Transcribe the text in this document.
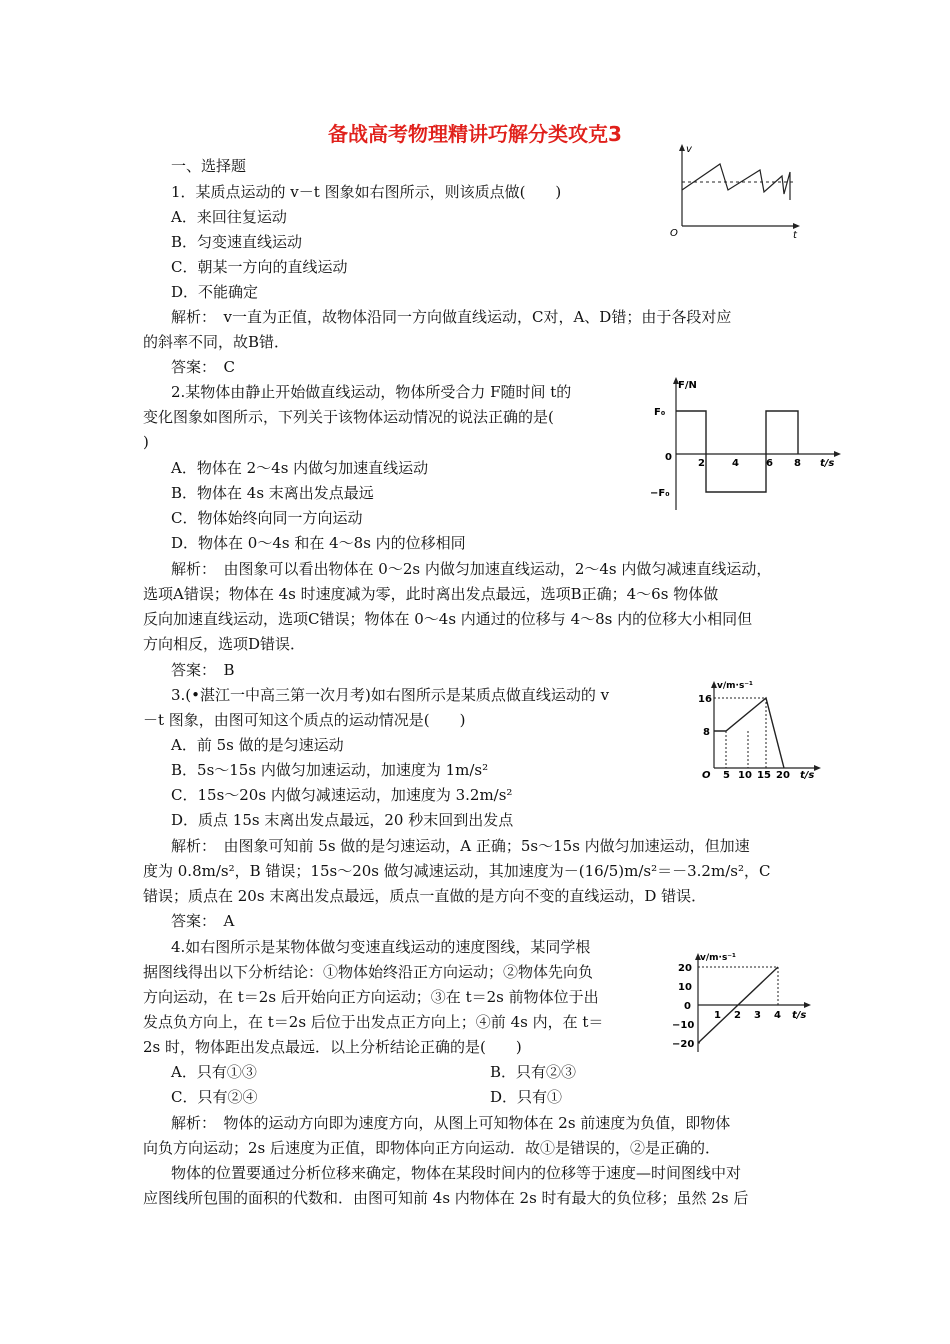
备战高考物理精讲巧解分类攻克3
一、选择题
1．某质点运动的 v－t 图象如右图所示，则该质点做(　　)
A．来回往复运动
B．匀变速直线运动
C．朝某一方向的直线运动
D．不能确定
解析：　v一直为正值，故物体沿同一方向做直线运动，C对，A、D错；由于各段对应
的斜率不同，故B错．
答案：　C
2.某物体由静止开始做直线运动，物体所受合力 F随时间 t的
变化图象如图所示，下列关于该物体运动情况的说法正确的是(
)
A．物体在 2～4s 内做匀加速直线运动
B．物体在 4s 末离出发点最远
C．物体始终向同一方向运动
D．物体在 0～4s 和在 4～8s 内的位移相同
解析：　由图象可以看出物体在 0～2s 内做匀加速直线运动，2～4s 内做匀减速直线运动，
选项A错误；物体在 4s 时速度减为零，此时离出发点最远，选项B正确；4～6s 物体做
反向加速直线运动，选项C错误；物体在 0～4s 内通过的位移与 4～8s 内的位移大小相同但
方向相反，选项D错误．
答案：　B
3.(•湛江一中高三第一次月考)如右图所示是某质点做直线运动的 v
－t 图象，由图可知这个质点的运动情况是(　　)
A．前 5s 做的是匀速运动
B．5s～15s 内做匀加速运动，加速度为 1m/s²
C．15s～20s 内做匀减速运动，加速度为 3.2m/s²
D．质点 15s 末离出发点最远，20 秒末回到出发点
解析：　由图象可知前 5s 做的是匀速运动，A 正确；5s～15s 内做匀加速运动，但加速
度为 0.8m/s²，B 错误；15s～20s 做匀减速运动，其加速度为－(16/5)m/s²＝－3.2m/s²，C
错误；质点在 20s 末离出发点最远，质点一直做的是方向不变的直线运动，D 错误．
答案：　A
4.如右图所示是某物体做匀变速直线运动的速度图线，某同学根
据图线得出以下分析结论：①物体始终沿正方向运动；②物体先向负
方向运动，在 t＝2s 后开始向正方向运动；③在 t＝2s 前物体位于出
发点负方向上，在 t＝2s 后位于出发点正方向上；④前 4s 内，在 t＝
2s 时，物体距出发点最远．以上分析结论正确的是(　　)
A．只有①③	B．只有②③
C．只有②④	D．只有①
解析：　物体的运动方向即为速度方向，从图上可知物体在 2s 前速度为负值，即物体
向负方向运动；2s 后速度为正值，即物体向正方向运动．故①是错误的，②是正确的．
物体的位置要通过分析位移来确定，物体在某段时间内的位移等于速度—时间图线中对
应图线所包围的面积的代数和．由图可知前 4s 内物体在 2s 时有最大的负位移；虽然 2s 后
v
O	t
F/N
F₀
0
−F₀
2	4	6 8 t/s
v/m·s⁻¹
16
8
O 5 10 15 20 t/s
v/m·s⁻¹
20
10
0
−10
−20
1 2 3 4 t/s
